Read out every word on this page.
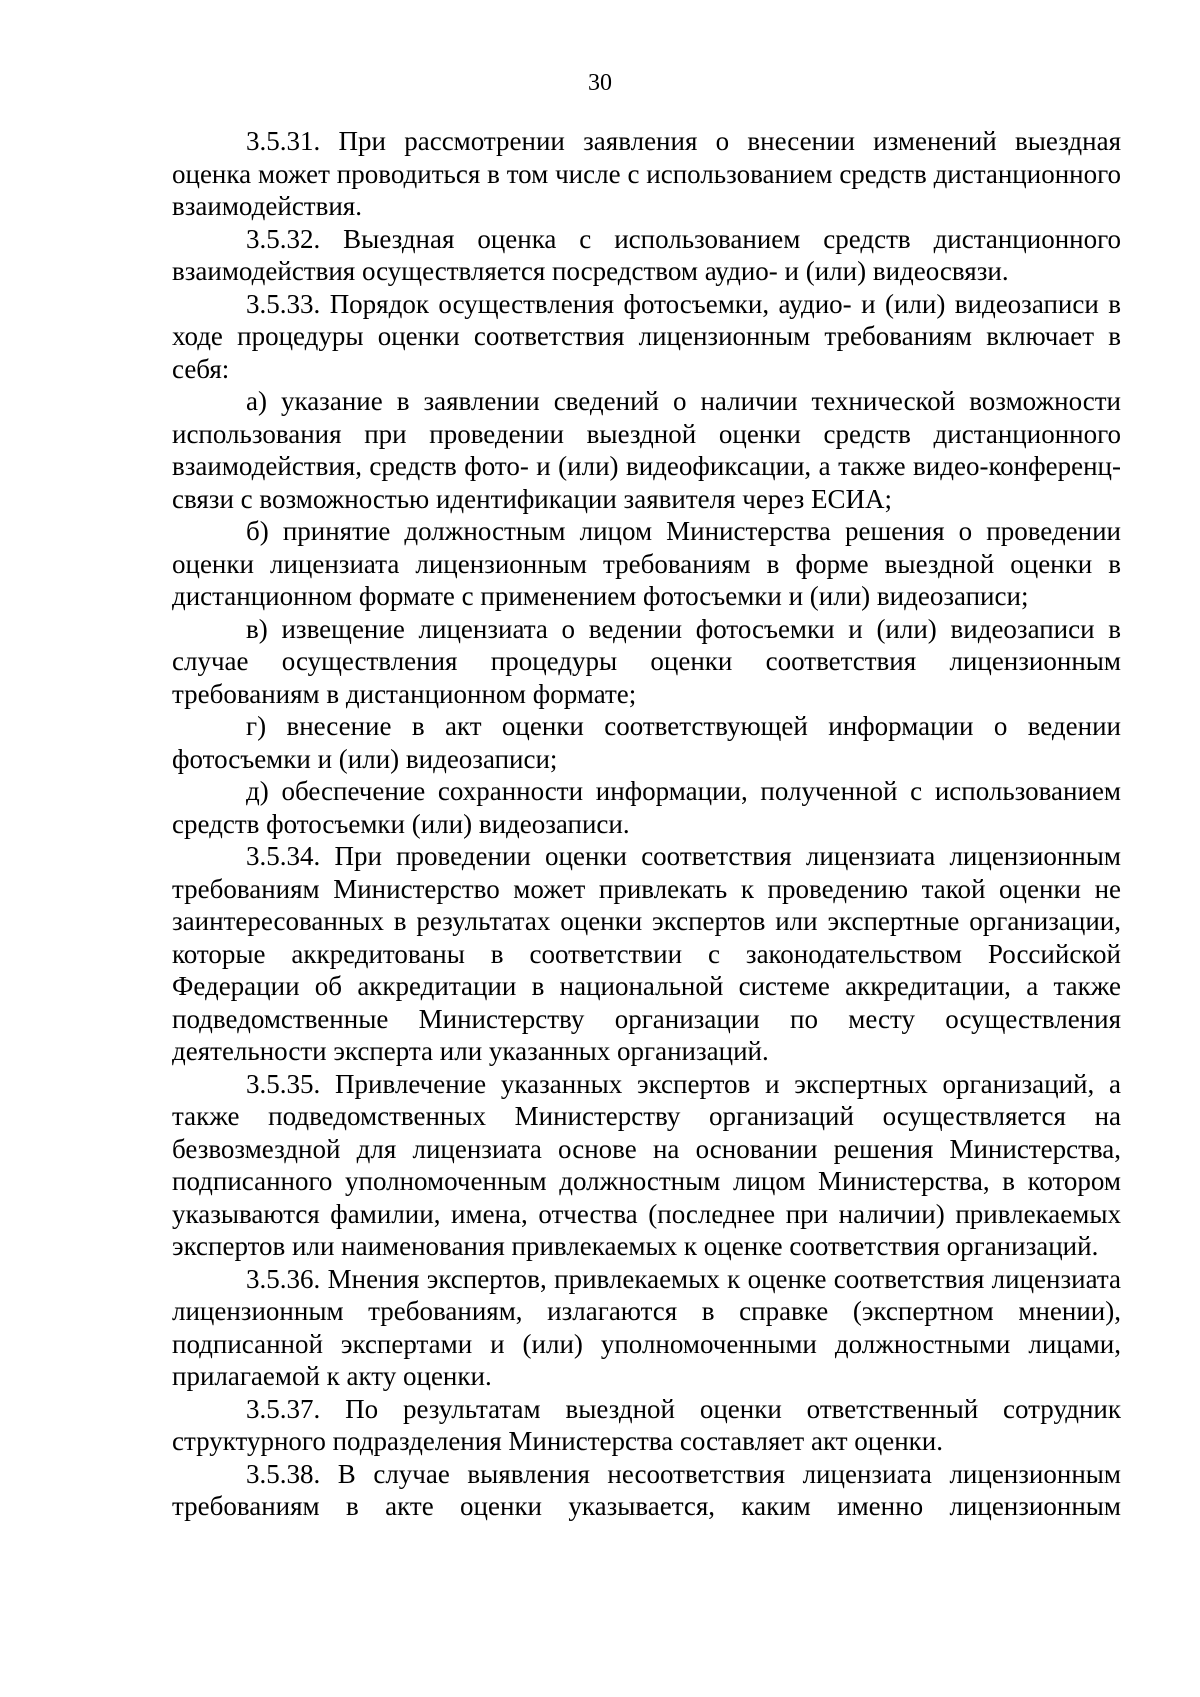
30

3.5.31. При рассмотрении заявления о внесении изменений выездная оценка может проводиться в том числе с использованием средств дистанционного взаимодействия.

3.5.32. Выездная оценка с использованием средств дистанционного взаимодействия осуществляется посредством аудио- и (или) видеосвязи.

3.5.33. Порядок осуществления фотосъемки, аудио- и (или) видеозаписи в ходе процедуры оценки соответствия лицензионным требованиям включает в себя:

а) указание в заявлении сведений о наличии технической возможности использования при проведении выездной оценки средств дистанционного взаимодействия, средств фото- и (или) видеофиксации, а также видео-конференц-связи с возможностью идентификации заявителя через ЕСИА;

б) принятие должностным лицом Министерства решения о проведении оценки лицензиата лицензионным требованиям в форме выездной оценки в дистанционном формате с применением фотосъемки и (или) видеозаписи;

в) извещение лицензиата о ведении фотосъемки и (или) видеозаписи в случае осуществления процедуры оценки соответствия лицензионным требованиям в дистанционном формате;

г) внесение в акт оценки соответствующей информации о ведении фотосъемки и (или) видеозаписи;

д) обеспечение сохранности информации, полученной с использованием средств фотосъемки (или) видеозаписи.

3.5.34. При проведении оценки соответствия лицензиата лицензионным требованиям Министерство может привлекать к проведению такой оценки не заинтересованных в результатах оценки экспертов или экспертные организации, которые аккредитованы в соответствии с законодательством Российской Федерации об аккредитации в национальной системе аккредитации, а также подведомственные Министерству организации по месту осуществления деятельности эксперта или указанных организаций.

3.5.35. Привлечение указанных экспертов и экспертных организаций, а также подведомственных Министерству организаций осуществляется на безвозмездной для лицензиата основе на основании решения Министерства, подписанного уполномоченным должностным лицом Министерства, в котором указываются фамилии, имена, отчества (последнее при наличии) привлекаемых экспертов или наименования привлекаемых к оценке соответствия организаций.

3.5.36. Мнения экспертов, привлекаемых к оценке соответствия лицензиата лицензионным требованиям, излагаются в справке (экспертном мнении), подписанной экспертами и (или) уполномоченными должностными лицами, прилагаемой к акту оценки.

3.5.37. По результатам выездной оценки ответственный сотрудник структурного подразделения Министерства составляет акт оценки.

3.5.38. В случае выявления несоответствия лицензиата лицензионным требованиям в акте оценки указывается, каким именно лицензионным
